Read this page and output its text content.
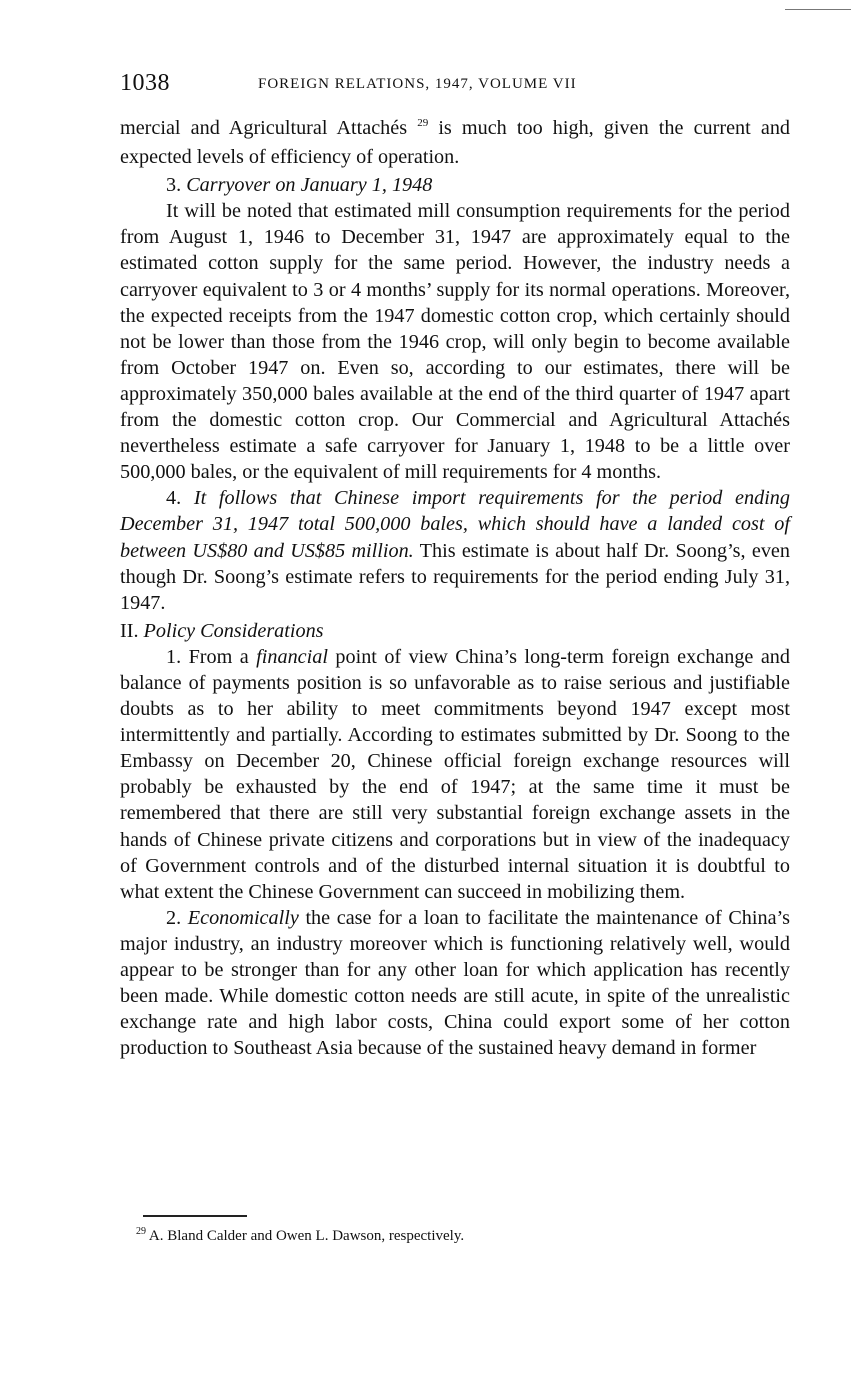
1038	FOREIGN RELATIONS, 1947, VOLUME VII

mercial and Agricultural Attachés $^{29}$ is much too high, given the current and expected levels of efficiency of operation.

3. Carryover on January 1, 1948

It will be noted that estimated mill consumption requirements for the period from August 1, 1946 to December 31, 1947 are approximately equal to the estimated cotton supply for the same period. However, the industry needs a carryover equivalent to 3 or 4 months’ supply for its normal operations. Moreover, the expected receipts from the 1947 domestic cotton crop, which certainly should not be lower than those from the 1946 crop, will only begin to become available from October 1947 on. Even so, according to our estimates, there will be approximately 350,000 bales available at the end of the third quarter of 1947 apart from the domestic cotton crop. Our Commercial and Agricultural Attachés nevertheless estimate a safe carryover for January 1, 1948 to be a little over 500,000 bales, or the equivalent of mill requirements for 4 months.

4. It follows that Chinese import requirements for the period ending December 31, 1947 total 500,000 bales, which should have a landed cost of between US$80 and US$85 million. This estimate is about half Dr. Soong’s, even though Dr. Soong’s estimate refers to requirements for the period ending July 31, 1947.

II. Policy Considerations

1. From a financial point of view China’s long-term foreign exchange and balance of payments position is so unfavorable as to raise serious and justifiable doubts as to her ability to meet commitments beyond 1947 except most intermittently and partially. According to estimates submitted by Dr. Soong to the Embassy on December 20, Chinese official foreign exchange resources will probably be exhausted by the end of 1947; at the same time it must be remembered that there are still very substantial foreign exchange assets in the hands of Chinese private citizens and corporations but in view of the inadequacy of Government controls and of the disturbed internal situation it is doubtful to what extent the Chinese Government can succeed in mobilizing them.

2. Economically the case for a loan to facilitate the maintenance of China’s major industry, an industry moreover which is functioning relatively well, would appear to be stronger than for any other loan for which application has recently been made. While domestic cotton needs are still acute, in spite of the unrealistic exchange rate and high labor costs, China could export some of her cotton production to Southeast Asia because of the sustained heavy demand in former

$^{29}$ A. Bland Calder and Owen L. Dawson, respectively.
